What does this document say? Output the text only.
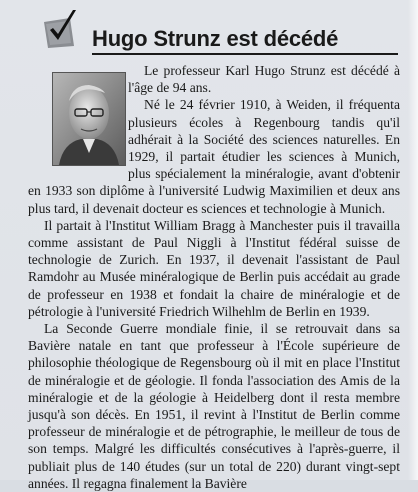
Hugo Strunz est décédé

Le professeur Karl Hugo Strunz est décédé à l'âge de 94 ans.

Né le 24 février 1910, à Weiden, il fréquenta plusieurs écoles à Regenbourg tandis qu'il adhérait à la Société des sciences naturelles. En 1929, il partait étudier les sciences à Munich, plus spécialement la minéralogie, avant d'obtenir en 1933 son diplôme à l'université Ludwig Maximilien et deux ans plus tard, il devenait docteur es sciences et technologie à Munich.

Il partait à l'Institut William Bragg à Manchester puis il travailla comme assistant de Paul Niggli à l'Institut fédéral suisse de technologie de Zurich. En 1937, il devenait l'assistant de Paul Ramdohr au Musée minéralogique de Berlin puis accédait au grade de professeur en 1938 et fondait la chaire de minéralogie et de pétrologie à l'université Friedrich Wilhehlm de Berlin en 1939.

La Seconde Guerre mondiale finie, il se retrouvait dans sa Bavière natale en tant que professeur à l'École supérieure de philosophie théologique de Regensbourg où il mit en place l'Institut de minéralogie et de géologie. Il fonda l'association des Amis de la minéralogie et de la géologie à Heidelberg dont il resta membre jusqu'à son décès. En 1951, il revint à l'Institut de Berlin comme professeur de minéralogie et de pétrographie, le meilleur de tous de son temps. Malgré les difficultés consécutives à l'après-guerre, il publiait plus de 140 études (sur un total de 220) durant vingt-sept années. Il regagna finalement la Bavière
